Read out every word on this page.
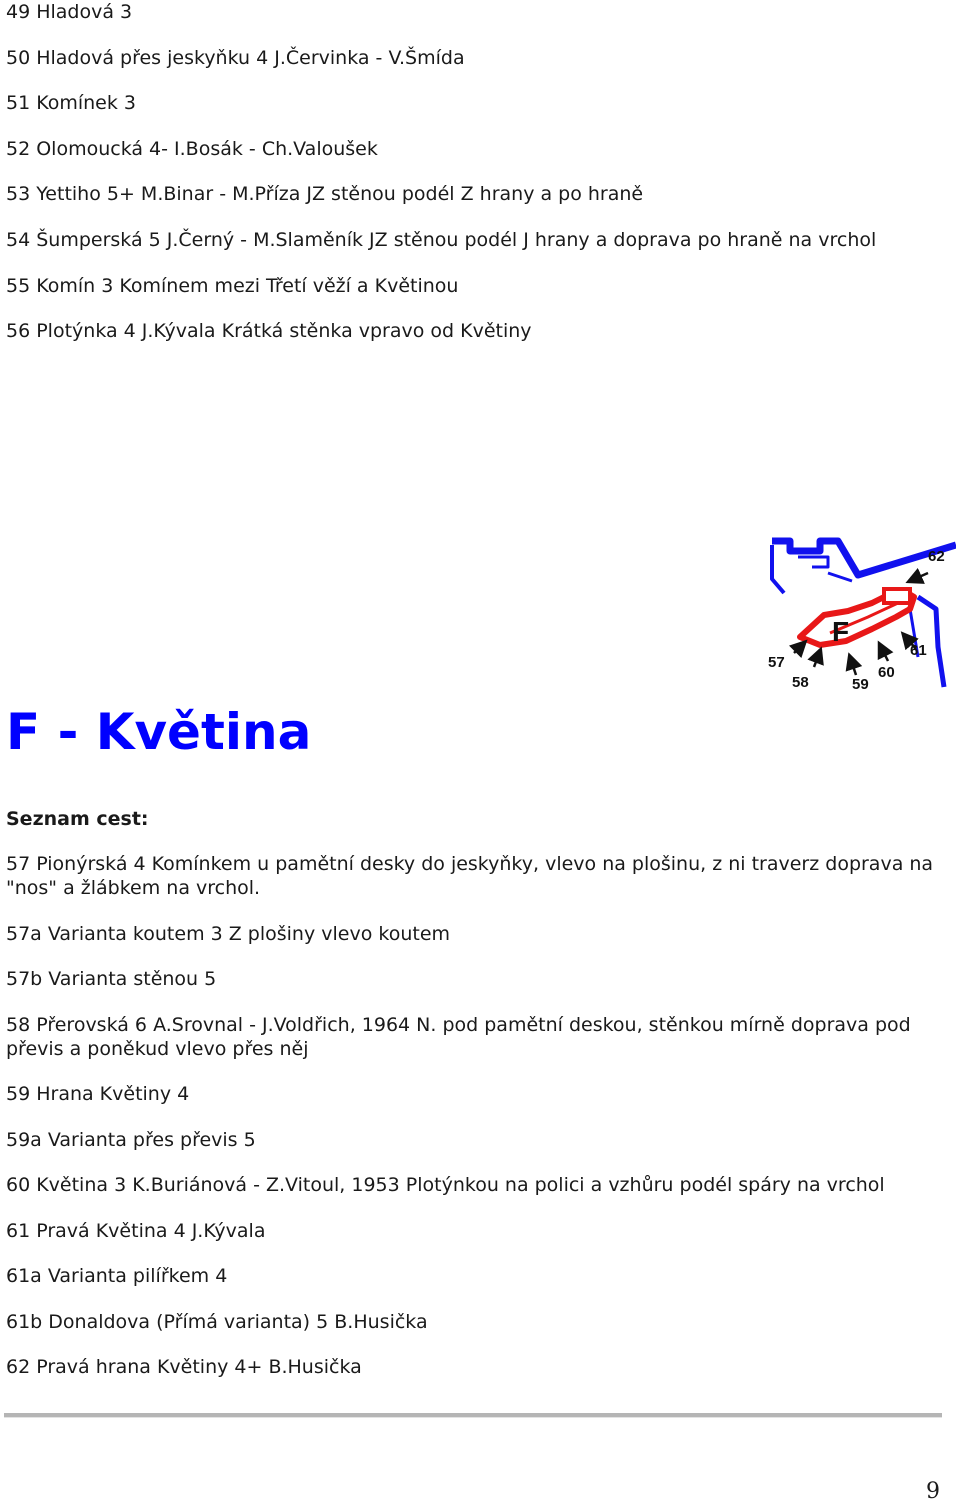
49 Hladová 3
50 Hladová přes jeskyňku 4 J.Červinka - V.Šmída
51 Komínek 3
52 Olomoucká 4- I.Bosák - Ch.Valoušek
53 Yettiho 5+ M.Binar - M.Příza JZ stěnou podél Z hrany a po hraně
54 Šumperská 5 J.Černý - M.Slaměník JZ stěnou podél J hrany a doprava po hraně na vrchol
55 Komín 3 Komínem mezi Třetí věží a Květinou
56 Plotýnka 4 J.Kývala Krátká stěnka vpravo od Květiny
F
62
61
60
59
58
57
F - Květina
Seznam cest:
57 Pionýrská 4 Komínkem u pamětní desky do jeskyňky, vlevo na plošinu, z ni traverz doprava na "nos" a žlábkem na vrchol.
57a Varianta koutem 3 Z plošiny vlevo koutem
57b Varianta stěnou 5
58 Přerovská 6 A.Srovnal - J.Voldřich, 1964 N. pod pamětní deskou, stěnkou mírně doprava pod převis a poněkud vlevo přes něj
59 Hrana Květiny 4
59a Varianta přes převis 5
60 Květina 3 K.Buriánová - Z.Vitoul, 1953 Plotýnkou na polici a vzhůru podél spáry na vrchol
61 Pravá Květina 4 J.Kývala
61a Varianta pilířkem 4
61b Donaldova (Přímá varianta) 5 B.Husička
62 Pravá hrana Květiny 4+ B.Husička
9
